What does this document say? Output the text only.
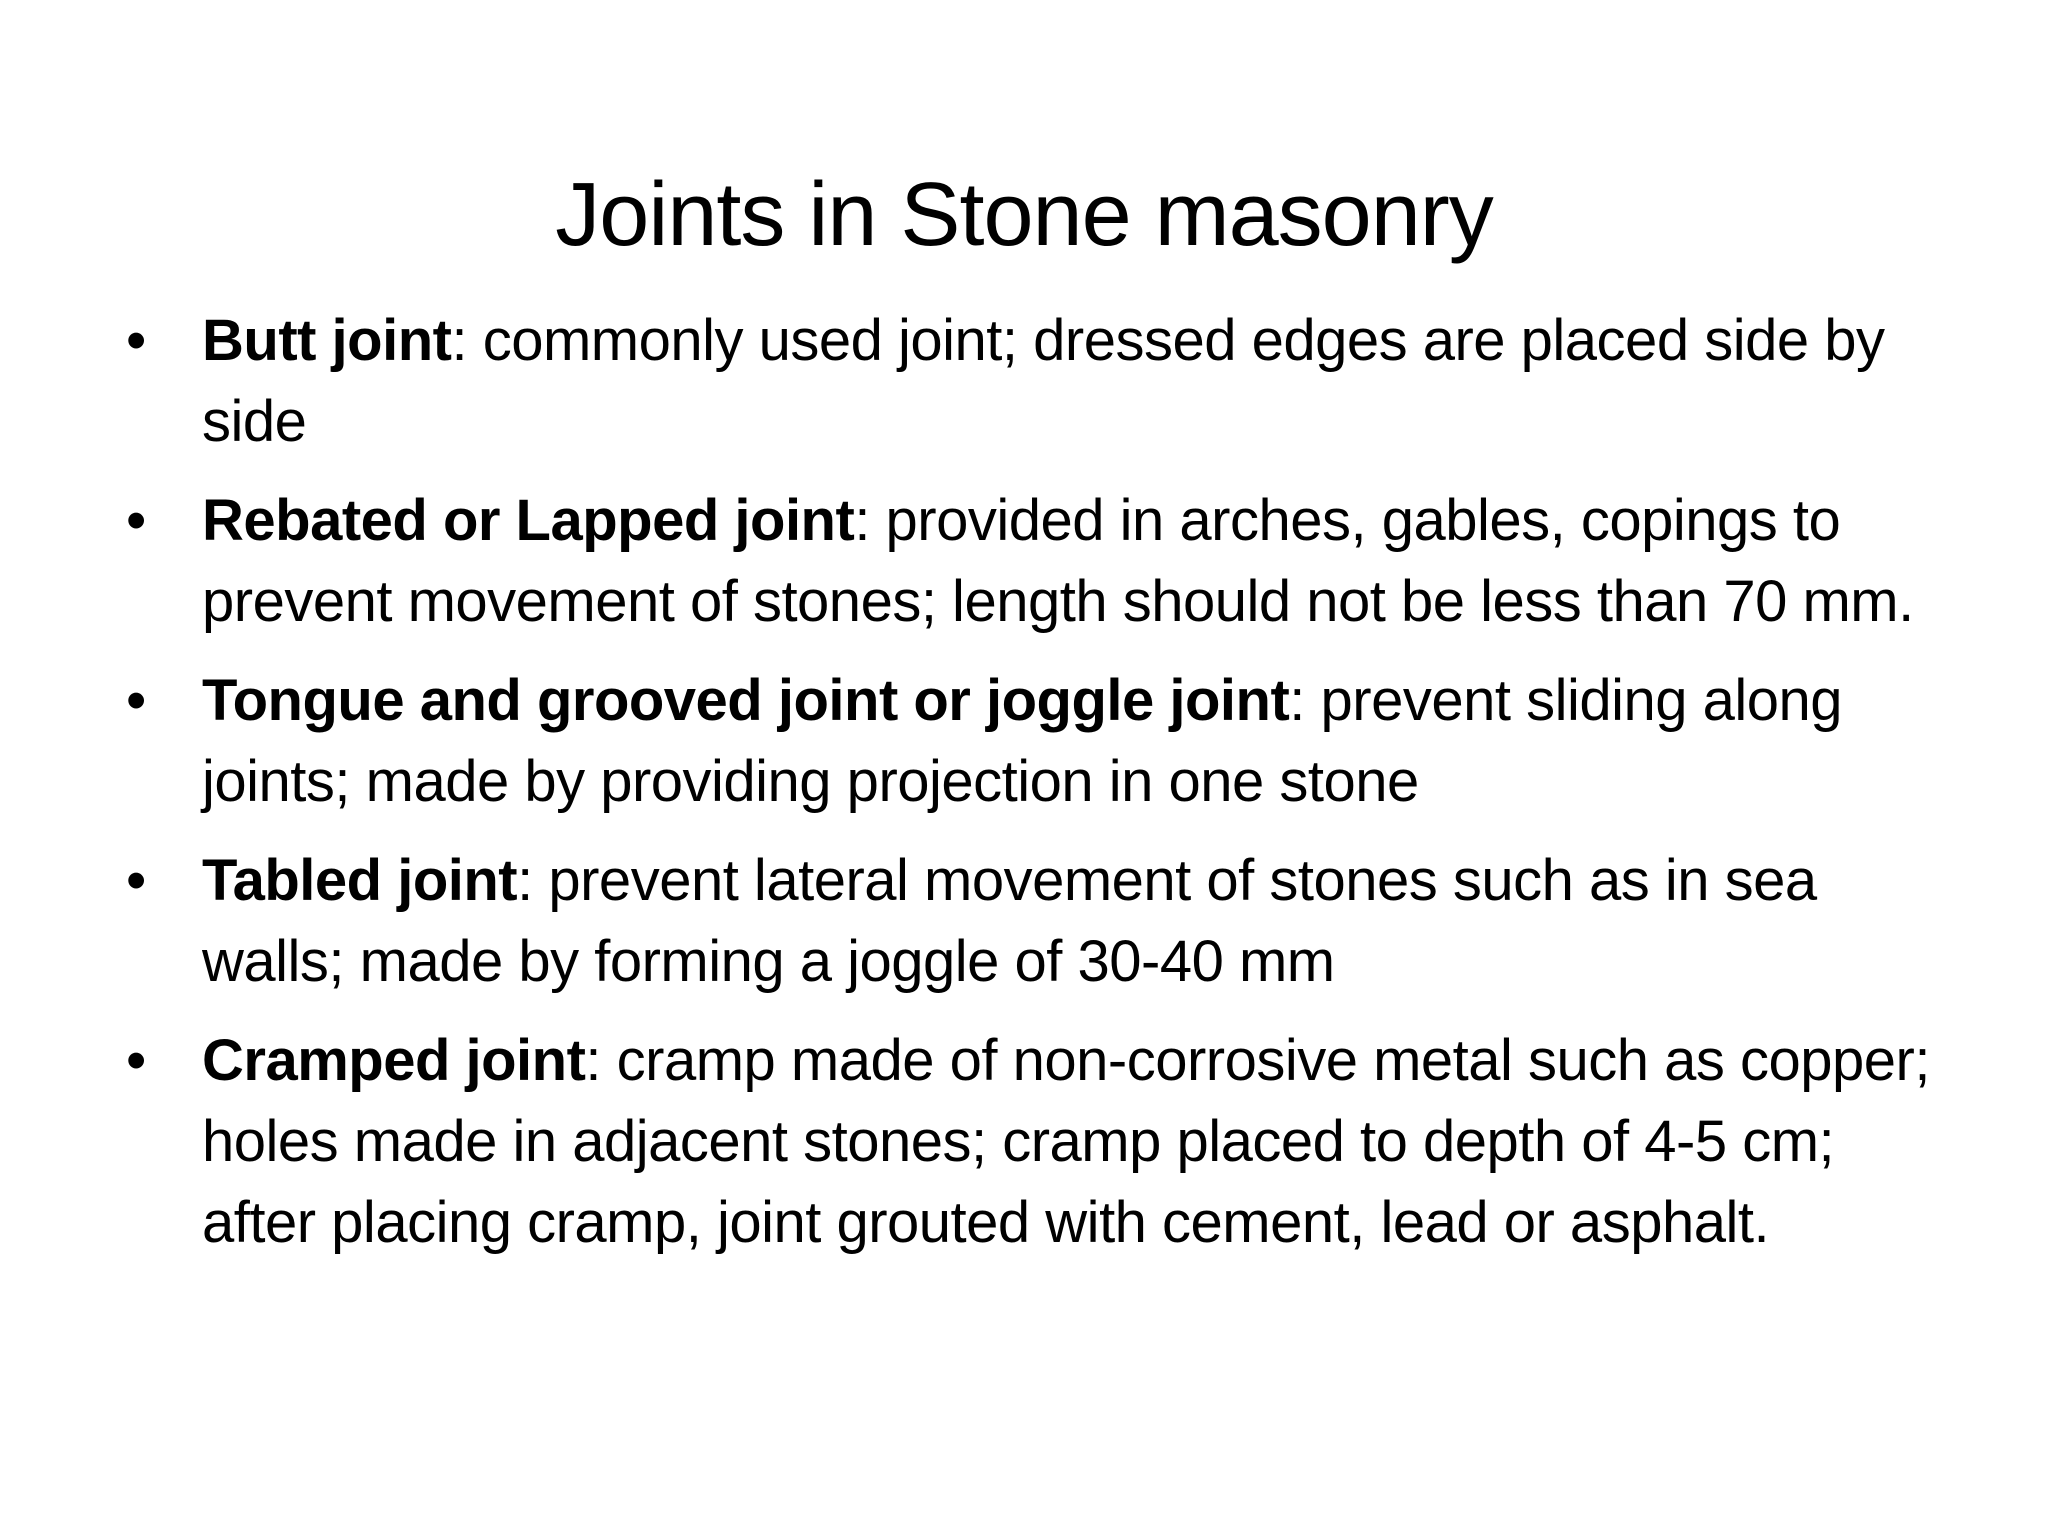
Joints in Stone masonry
• Butt joint: commonly used joint; dressed edges are placed side by side
• Rebated or Lapped joint: provided in arches, gables, copings to prevent movement of stones; length should not be less than 70 mm.
• Tongue and grooved joint or joggle joint: prevent sliding along joints; made by providing projection in one stone
• Tabled joint: prevent lateral movement of stones such as in sea walls; made by forming a joggle of 30-40 mm
• Cramped joint: cramp made of non-corrosive metal such as copper; holes made in adjacent stones; cramp placed to depth of 4-5 cm; after placing cramp, joint grouted with cement, lead or asphalt.
